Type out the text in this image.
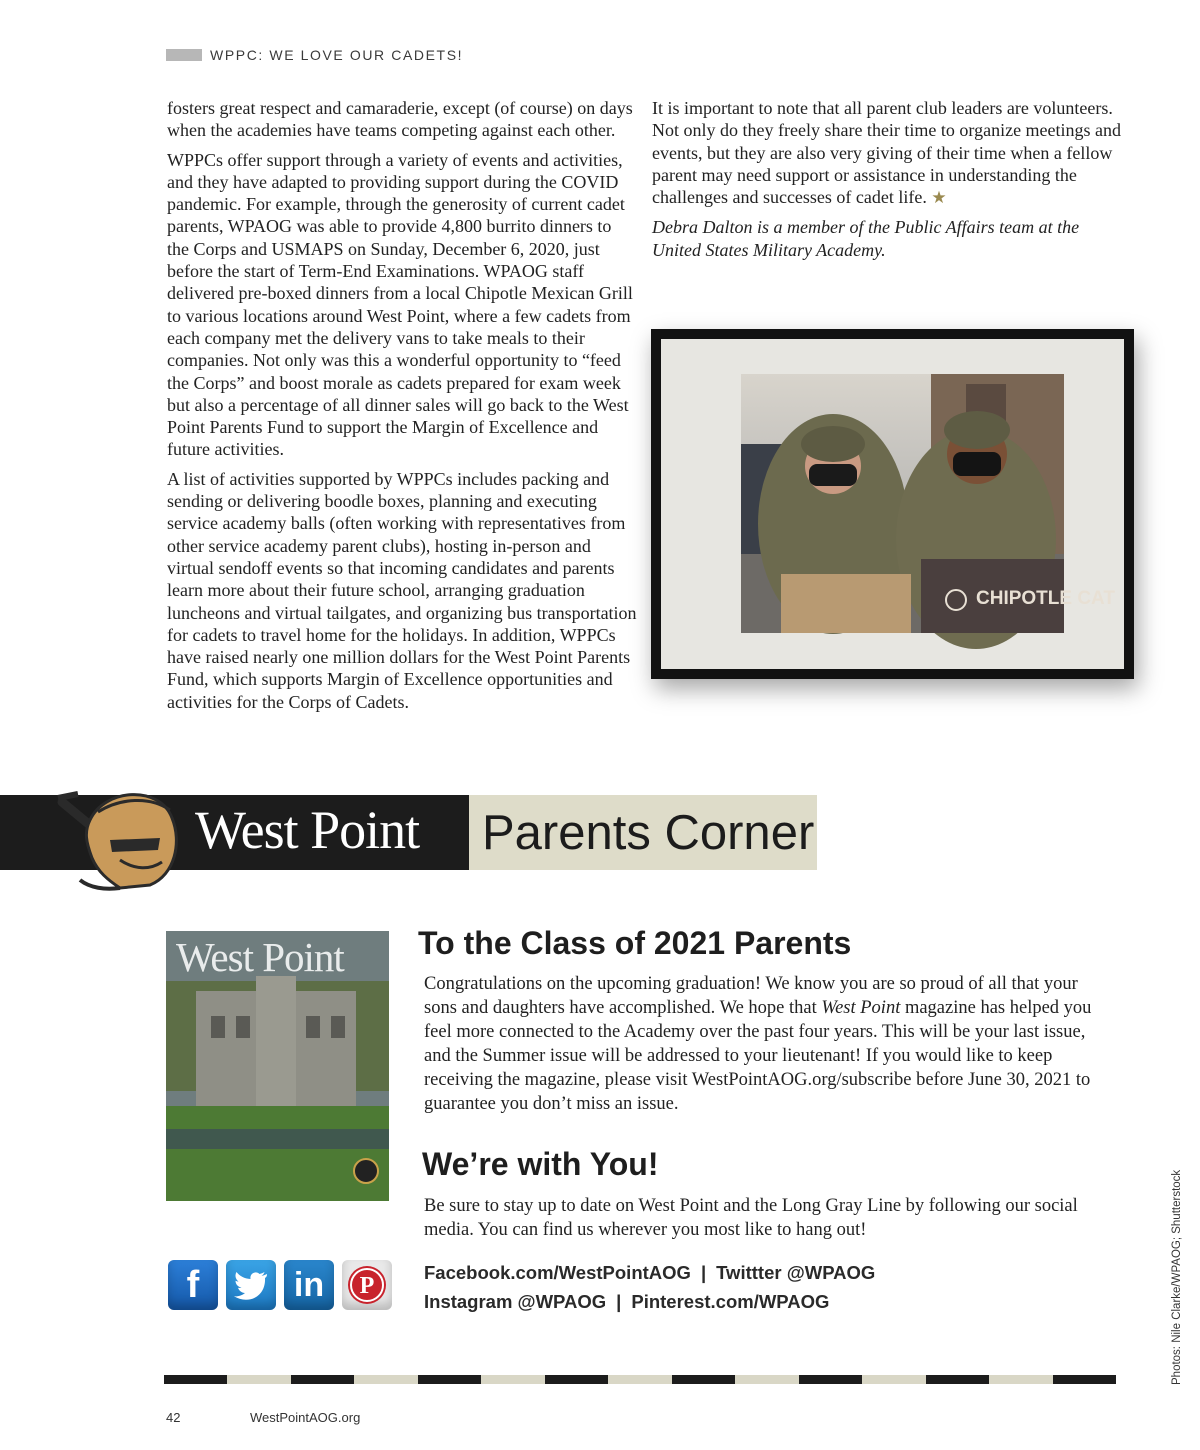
WPPC: WE LOVE OUR CADETS!

fosters great respect and camaraderie, except (of course) on days when the academies have teams competing against each other.

WPPCs offer support through a variety of events and activities, and they have adapted to providing support during the COVID pandemic. For example, through the generosity of current cadet parents, WPAOG was able to provide 4,800 burrito dinners to the Corps and USMAPS on Sunday, December 6, 2020, just before the start of Term-End Examinations. WPAOG staff delivered pre-boxed dinners from a local Chipotle Mexican Grill to various locations around West Point, where a few cadets from each company met the delivery vans to take meals to their companies. Not only was this a wonderful opportunity to “feed the Corps” and boost morale as cadets prepared for exam week but also a percentage of all dinner sales will go back to the West Point Parents Fund to support the Margin of Excellence and future activities.

A list of activities supported by WPPCs includes packing and sending or delivering boodle boxes, planning and executing service academy balls (often working with representatives from other service academy parent clubs), hosting in-person and virtual sendoff events so that incoming candidates and parents learn more about their future school, arranging graduation luncheons and virtual tailgates, and organizing bus transportation for cadets to travel home for the holidays. In addition, WPPCs have raised nearly one million dollars for the West Point Parents Fund, which supports Margin of Excellence opportunities and activities for the Corps of Cadets.

It is important to note that all parent club leaders are volunteers. Not only do they freely share their time to organize meetings and events, but they are also very giving of their time when a fellow parent may need support or assistance in understanding the challenges and successes of cadet life. ★

Debra Dalton is a member of the Public Affairs team at the United States Military Academy.

CHIPOTLE CAT
West Point Parents Corner
West Point To the Class of 2021 Parents
Congratulations on the upcoming graduation! We know you are so proud of all that your sons and daughters have accomplished. We hope that West Point magazine has helped you feel more connected to the Academy over the past four years. This will be your last issue, and the Summer issue will be addressed to your lieutenant! If you would like to keep receiving the magazine, please visit WestPointAOG.org/subscribe before June 30, 2021 to guarantee you don’t miss an issue.
We’re with You!
Be sure to stay up to date on West Point and the Long Gray Line by following our social media. You can find us wherever you most like to hang out!
Facebook.com/WestPointAOG | Twittter @WPAOG
Instagram @WPAOG | Pinterest.com/WPAOG
f	in P
42	WestPointAOG.org
Photos: Nile Clarke/WPAOG; Shutterstock
